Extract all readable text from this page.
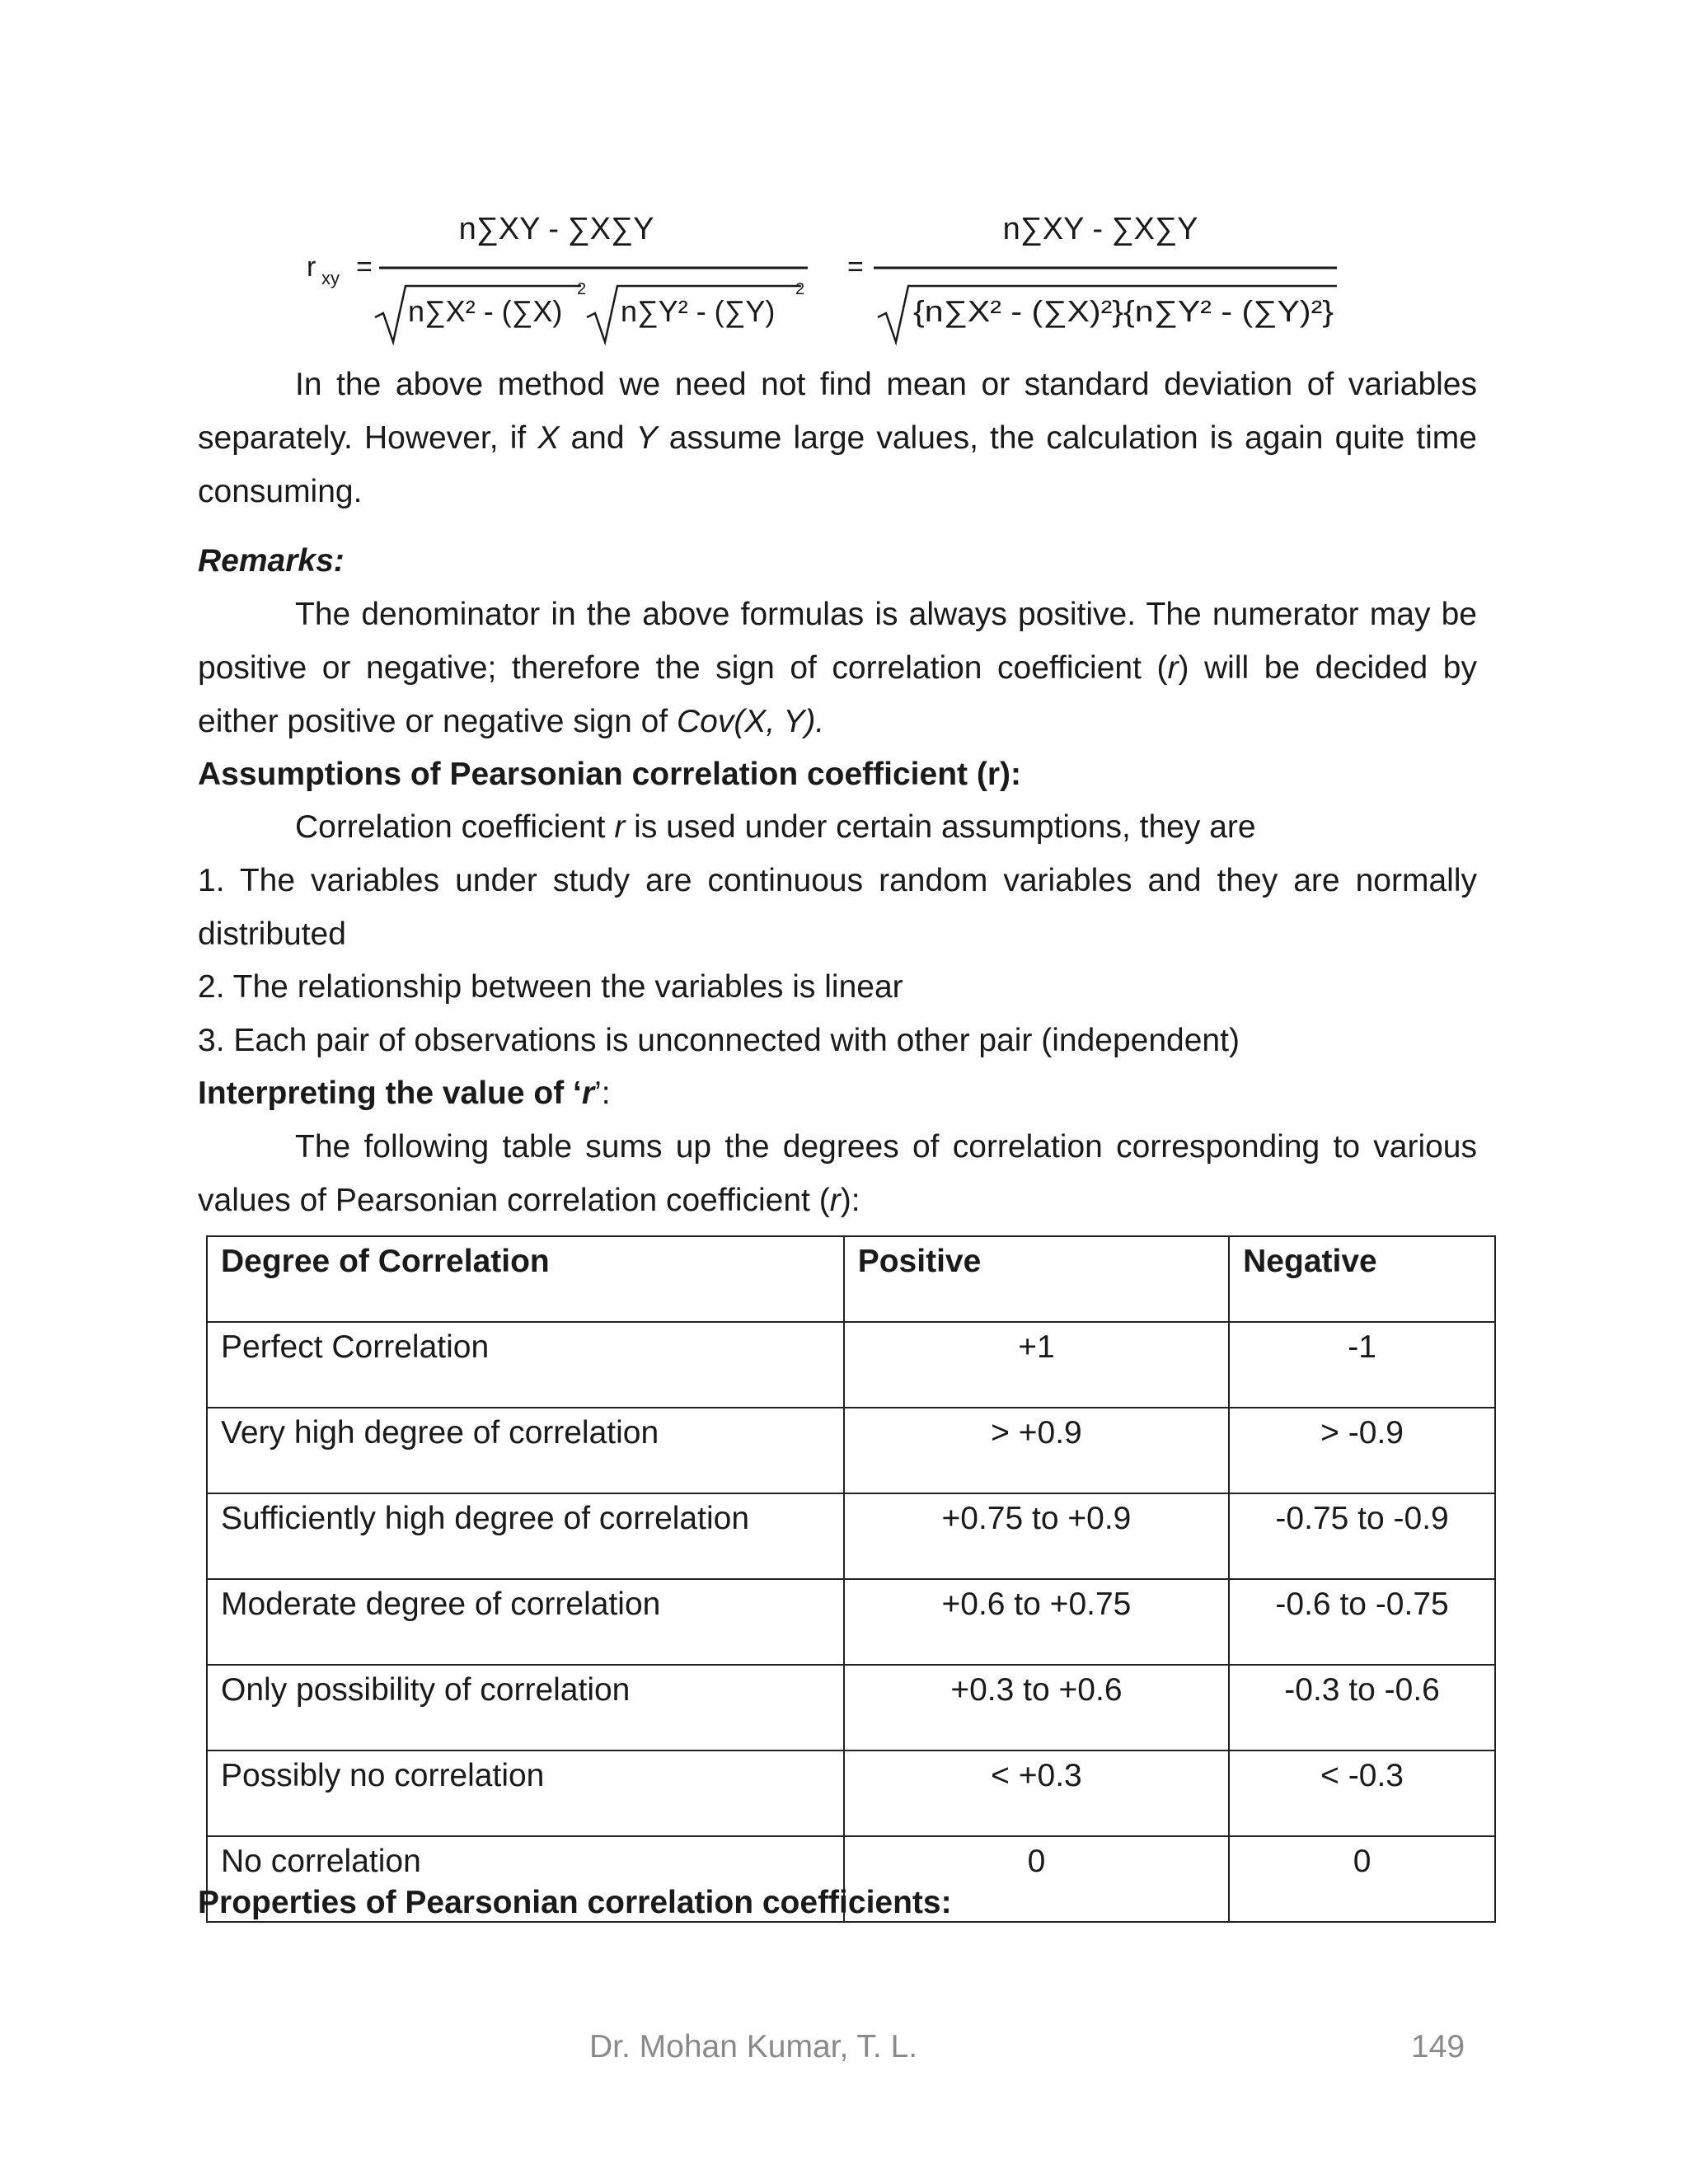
r xy =
n∑XY - ∑X∑Y
n∑X² - (∑X)
2
n∑Y² - (∑Y)
2
=
n∑XY - ∑X∑Y
{n∑X² - (∑X)²}{n∑Y² - (∑Y)²}
In the above method we need not find mean or standard deviation of variables separately. However, if X and Y assume large values, the calculation is again quite time consuming.
Remarks:
The denominator in the above formulas is always positive. The numerator may be positive or negative; therefore the sign of correlation coefficient (r) will be decided by either positive or negative sign of Cov(X, Y).
Assumptions of Pearsonian correlation coefficient (r):
Correlation coefficient r is used under certain assumptions, they are
1. The variables under study are continuous random variables and they are normally distributed
2. The relationship between the variables is linear
3. Each pair of observations is unconnected with other pair (independent)
Interpreting the value of ‘r’:
The following table sums up the degrees of correlation corresponding to various values of Pearsonian correlation coefficient (r):
Degree of Correlation	Positive	Negative
Perfect Correlation	+1	-1
Very high degree of correlation	> +0.9	> -0.9
Sufficiently high degree of correlation	+0.75 to +0.9	-0.75 to -0.9
Moderate degree of correlation	+0.6 to +0.75	-0.6 to -0.75
Only possibility of correlation	+0.3 to +0.6	-0.3 to -0.6
Possibly no correlation	< +0.3	< -0.3
No correlation	0	0
Properties of Pearsonian correlation coefficients:
Dr. Mohan Kumar, T. L.	149
